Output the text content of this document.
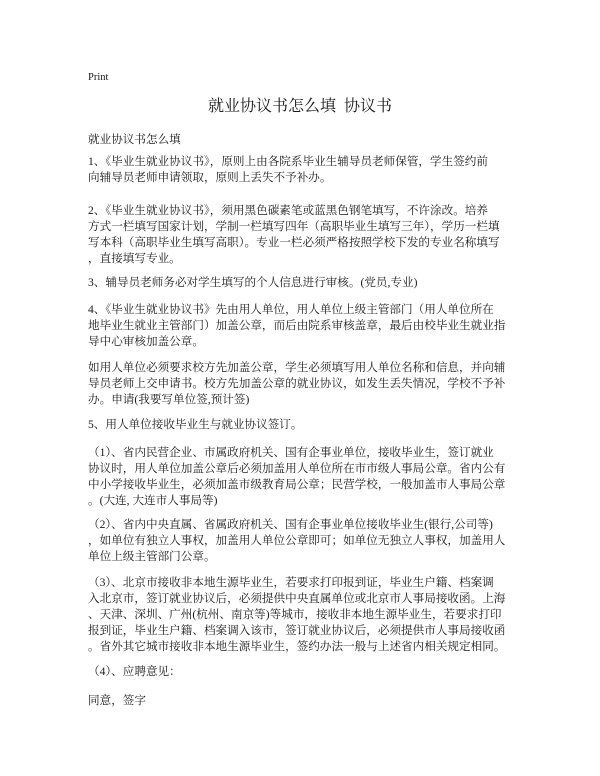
Print
就业协议书怎么填  协议书
就业协议书怎么填
1、《毕业生就业协议书》，原则上由各院系毕业生辅导员老师保管，学生签约前
向辅导员老师申请领取，原则上丢失不予补办。
2、《毕业生就业协议书》，须用黑色碳素笔或蓝黑色钢笔填写，不许涂改。培养
方式一栏填写国家计划，学制一栏填写四年（高职毕业生填写三年），学历一栏填
写本科（高职毕业生填写高职）。专业一栏必须严格按照学校下发的专业名称填写
，直接填写专业。
3、辅导员老师务必对学生填写的个人信息进行审核。(党员,专业)
4、《毕业生就业协议书》先由用人单位，用人单位上级主管部门（用人单位所在
地毕业生就业主管部门）加盖公章，而后由院系审核盖章，最后由校毕业生就业指
导中心审核加盖公章。
如用人单位必须要求校方先加盖公章，学生必须填写用人单位名称和信息，并向辅
导员老师上交申请书。校方先加盖公章的就业协议，如发生丢失情况，学校不予补
办。申请(我要写单位签,预计签)
5、用人单位接收毕业生与就业协议签订。
（1）、省内民营企业、市属政府机关、国有企事业单位，接收毕业生，签订就业
协议时，用人单位加盖公章后必须加盖用人单位所在市市级人事局公章。省内公有
中小学接收毕业生，必须加盖市级教育局公章；民营学校，一般加盖市人事局公章
。(大连, 大连市人事局等)
（2）、省内中央直属、省属政府机关、国有企事业单位接收毕业生(银行,公司等)
，如单位有独立人事权，加盖用人单位公章即可；如单位无独立人事权，加盖用人
单位上级主管部门公章。
（3）、北京市接收非本地生源毕业生，若要求打印报到证，毕业生户籍、档案调
入北京市，签订就业协议后，必须提供中央直属单位或北京市人事局接收函。上海
、天津、深圳、广州(杭州、南京等)等城市，接收非本地生源毕业生，若要求打印
报到证，毕业生户籍、档案调入该市，签订就业协议后，必须提供市人事局接收函
。省外其它城市接收非本地生源毕业生，签约办法一般与上述省内相关规定相同。
（4）、应聘意见：
同意，签字
